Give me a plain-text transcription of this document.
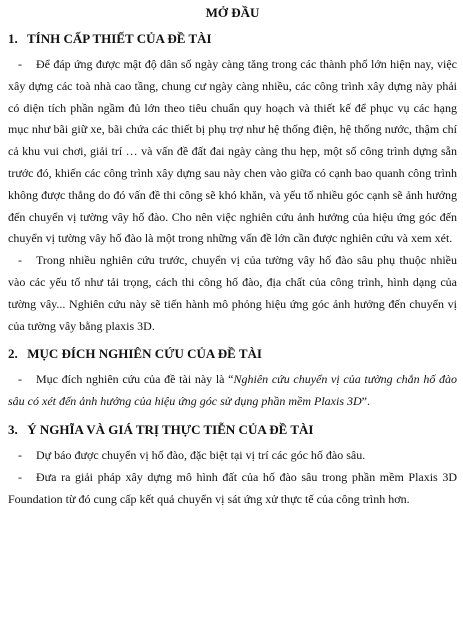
MỞ ĐẦU
1. TÍNH CẤP THIẾT CỦA ĐỀ TÀI

- Để đáp ứng được mật độ dân số ngày càng tăng trong các thành phố lớn hiện nay, việc xây dựng các toà nhà cao tầng, chung cư ngày càng nhiều, các công trình xây dựng này phải có diện tích phần ngầm đủ lớn theo tiêu chuẩn quy hoạch và thiết kế để phục vụ các hạng mục như bãi giữ xe, bãi chứa các thiết bị phụ trợ như hệ thống điện, hệ thống nước, thậm chí cả khu vui chơi, giải trí … và vấn đề đất đai ngày càng thu hẹp, một số công trình dựng sẵn trước đó, khiến các công trình xây dựng sau này chen vào giữa có cạnh bao quanh công trình không được thẳng do đó vấn đề thi công sẽ khó khăn, và yếu tố nhiều góc cạnh sẽ ảnh hưởng đến chuyển vị tường vây hố đào. Cho nên việc nghiên cứu ảnh hưởng của hiệu ứng góc đến chuyển vị tường vây hố đào là một trong những vấn đề lớn cần được nghiên cứu và xem xét.

- Trong nhiều nghiên cứu trước, chuyển vị của tường vây hố đào sâu phụ thuộc nhiều vào các yếu tố như tải trọng, cách thi công hố đào, địa chất của công trình, hình dạng của tường vây... Nghiên cứu này sẽ tiến hành mô phỏng hiệu ứng góc ảnh hưởng đến chuyển vị của tường vây bằng plaxis 3D.

2. MỤC ĐÍCH NGHIÊN CỨU CỦA ĐỀ TÀI

- Mục đích nghiên cứu của đề tài này là “Nghiên cứu chuyển vị của tường chắn hố đào sâu có xét đến ảnh hưởng của hiệu ứng góc sử dụng phần mềm Plaxis 3D”.

3. Ý NGHĨA VÀ GIÁ TRỊ THỰC TIỄN CỦA ĐỀ TÀI

- Dự báo được chuyển vị hố đào, đặc biệt tại vị trí các góc hố đào sâu.

- Đưa ra giải pháp xây dựng mô hình đất của hố đào sâu trong phần mềm Plaxis 3D Foundation từ đó cung cấp kết quả chuyển vị sát ứng xử thực tế của công trình hơn.
